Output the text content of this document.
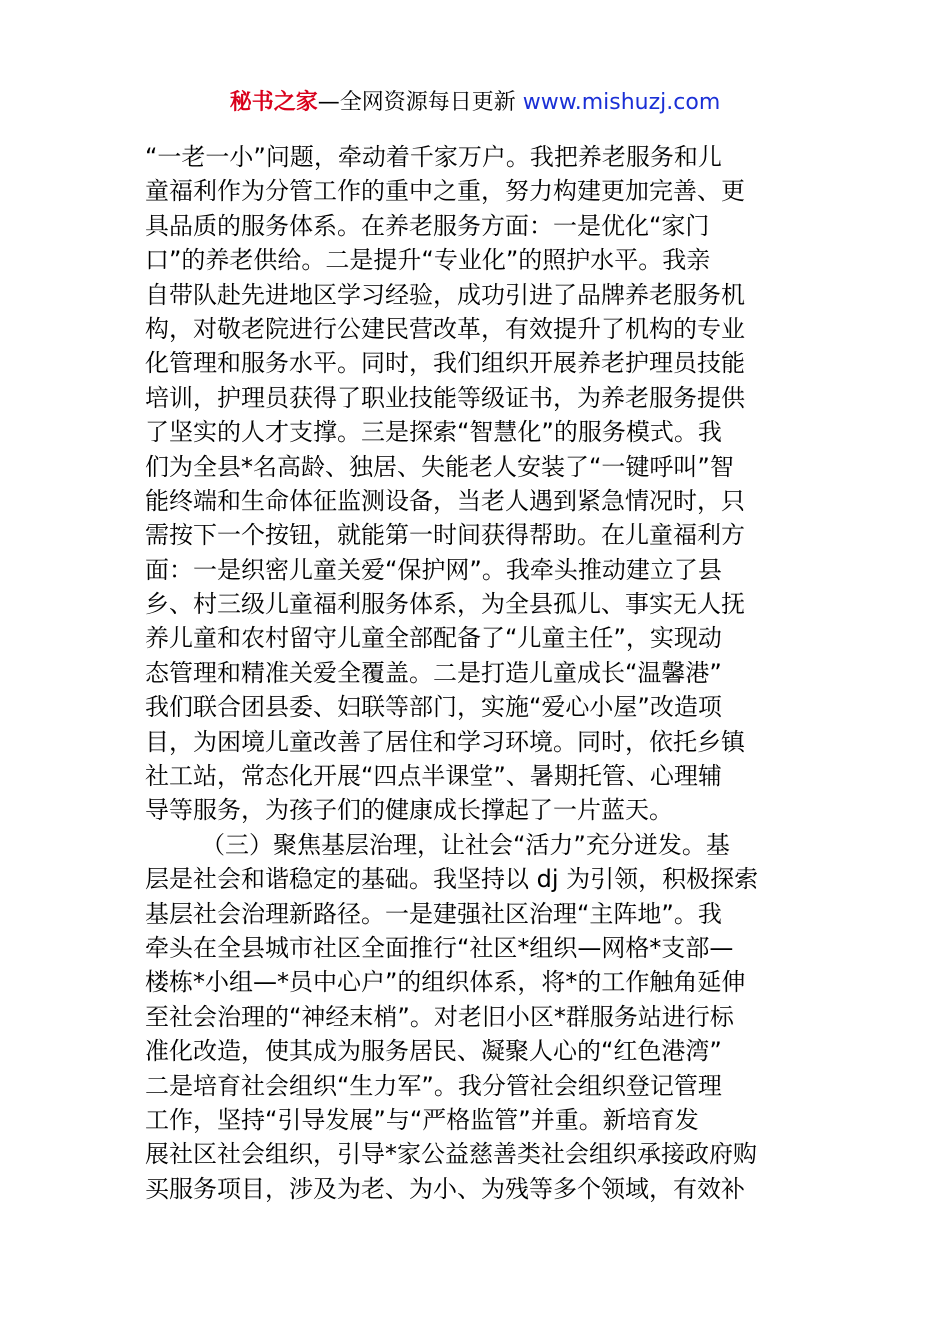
秘书之家—全网资源每日更新 www.mishuzj.com
“一老一小”问题，牵动着千家万户。我把养老服务和儿
童福利作为分管工作的重中之重，努力构建更加完善、更
具品质的服务体系。在养老服务方面：一是优化“家门
口”的养老供给。二是提升“专业化”的照护水平。我亲
自带队赴先进地区学习经验，成功引进了品牌养老服务机
构，对敬老院进行公建民营改革，有效提升了机构的专业
化管理和服务水平。同时，我们组织开展养老护理员技能
培训，护理员获得了职业技能等级证书，为养老服务提供
了坚实的人才支撑。三是探索“智慧化”的服务模式。我
们为全县*名高龄、独居、失能老人安装了“一键呼叫”智
能终端和生命体征监测设备，当老人遇到紧急情况时，只
需按下一个按钮，就能第一时间获得帮助。在儿童福利方
面：一是织密儿童关爱“保护网”。我牵头推动建立了县
乡、村三级儿童福利服务体系，为全县孤儿、事实无人抚
养儿童和农村留守儿童全部配备了“儿童主任”，实现动
态管理和精准关爱全覆盖。二是打造儿童成长“温馨港”
我们联合团县委、妇联等部门，实施“爱心小屋”改造项
目，为困境儿童改善了居住和学习环境。同时，依托乡镇
社工站，常态化开展“四点半课堂”、暑期托管、心理辅
导等服务，为孩子们的健康成长撑起了一片蓝天。
（三）聚焦基层治理，让社会“活力”充分迸发。基
层是社会和谐稳定的基础。我坚持以 dj 为引领，积极探索
基层社会治理新路径。一是建强社区治理“主阵地”。我
牵头在全县城市社区全面推行“社区*组织—网格*支部—
楼栋*小组—*员中心户”的组织体系，将*的工作触角延伸
至社会治理的“神经末梢”。对老旧小区*群服务站进行标
准化改造，使其成为服务居民、凝聚人心的“红色港湾”
二是培育社会组织“生力军”。我分管社会组织登记管理
工作，坚持“引导发展”与“严格监管”并重。新培育发
展社区社会组织，引导*家公益慈善类社会组织承接政府购
买服务项目，涉及为老、为小、为残等多个领域，有效补
